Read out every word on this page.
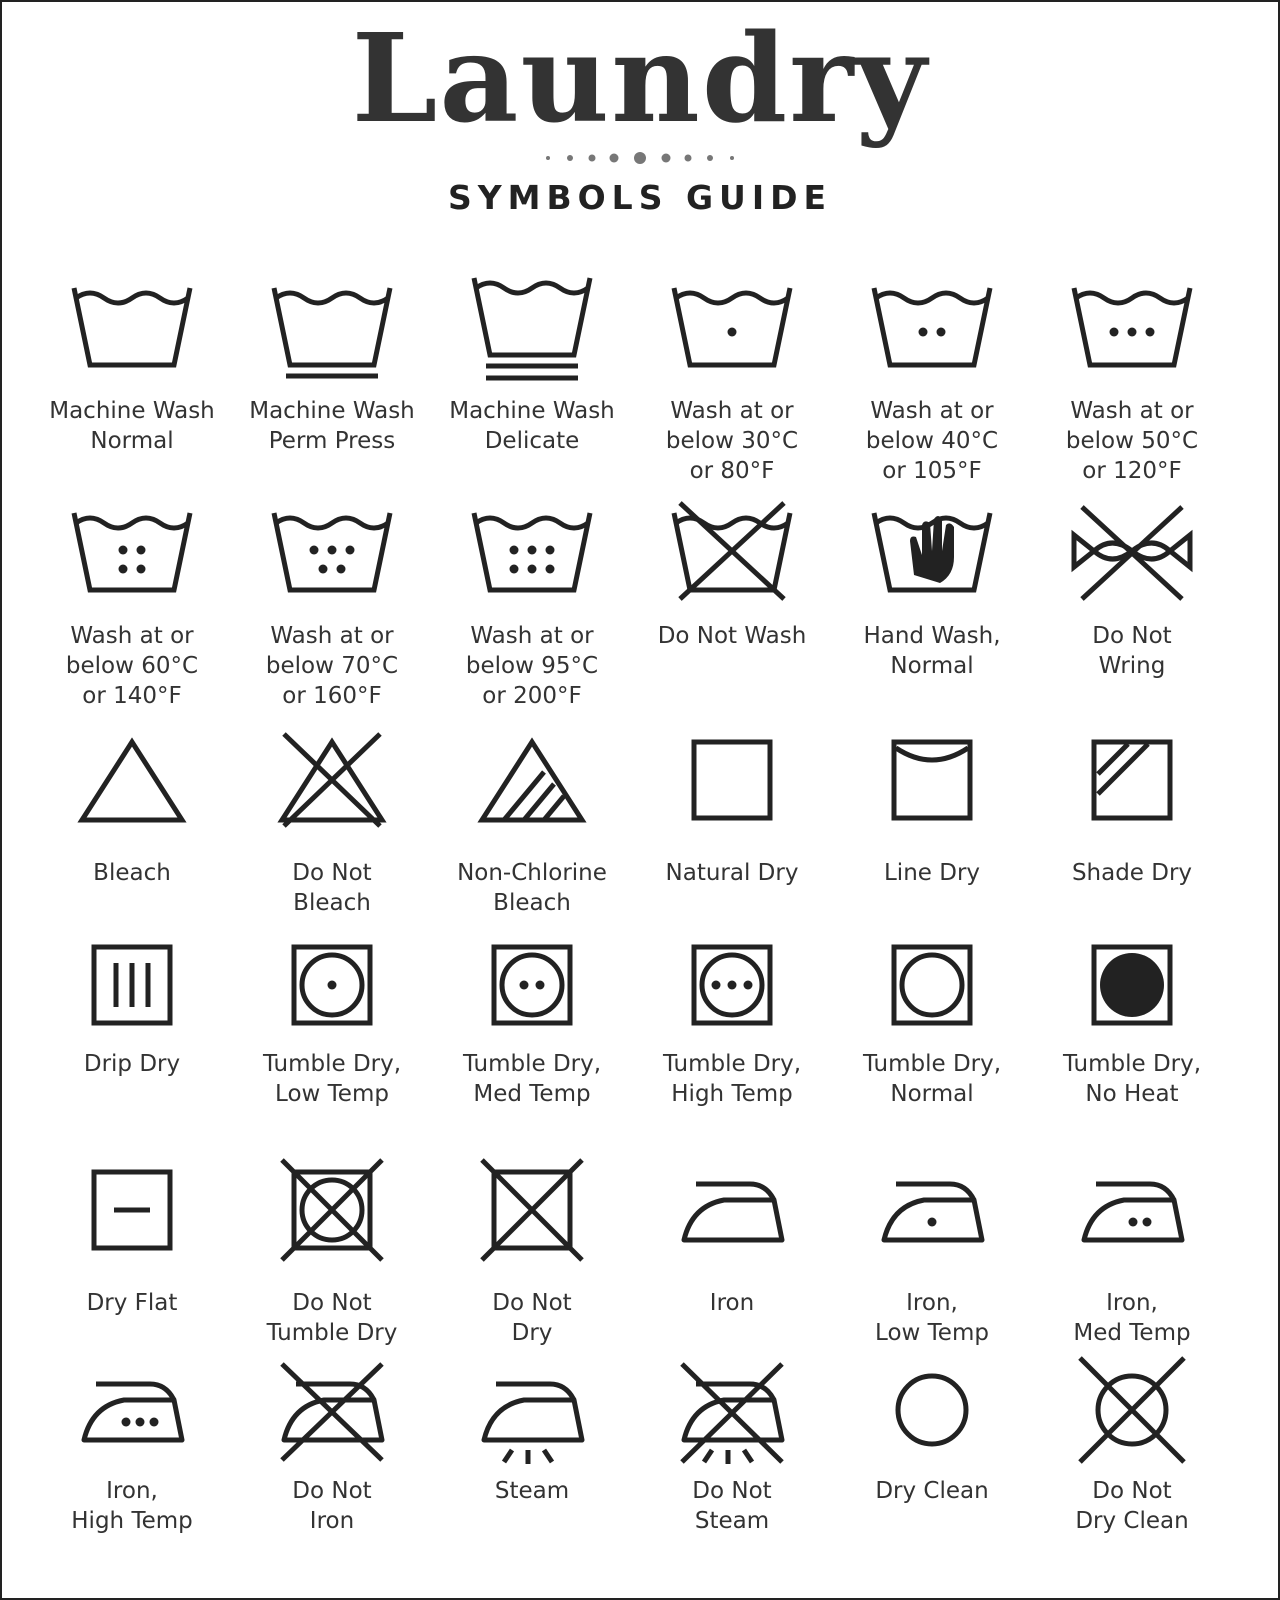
Laundry
SYMBOLS GUIDE
Machine Wash
Normal
Machine Wash
Perm Press
Machine Wash
Delicate
Wash at or
below 30°C
or 80°F
Wash at or
below 40°C
or 105°F
Wash at or
below 50°C
or 120°F
Wash at or
below 60°C
or 140°F
Wash at or
below 70°C
or 160°F
Wash at or
below 95°C
or 200°F
Do Not Wash	Hand Wash,
Normal
Do Not
Wring
Bleach	Do Not
Bleach
Non-Chlorine
Bleach
Natural Dry	Line Dry	Shade Dry
Drip Dry	Tumble Dry,
Low Temp
Tumble Dry,
Med Temp
Tumble Dry,
High Temp
Tumble Dry,
Normal
Tumble Dry,
No Heat
Dry Flat	Do Not
Tumble Dry
Do Not
Dry
Iron	Iron,
Low Temp
Iron,
Med Temp
Iron,
High Temp
Do Not
Iron
Steam	Do Not
Steam
Dry Clean	Do Not
Dry Clean
